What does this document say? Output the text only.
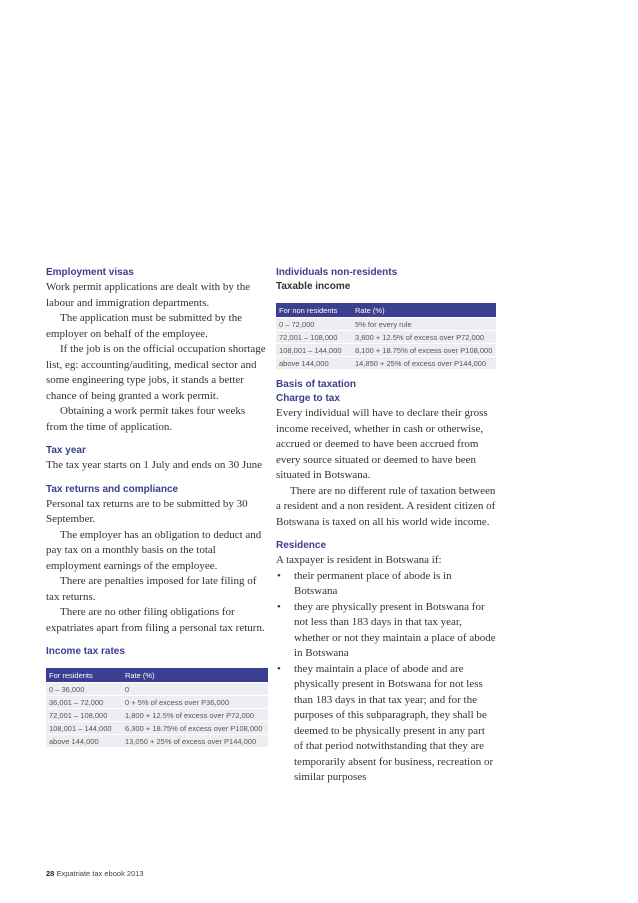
Employment visas

Work permit applications are dealt with by the labour and immigration departments.

The application must be submitted by the employer on behalf of the employee.

If the job is on the official occupation shortage list, eg: accounting/auditing, medical sector and some engineering type jobs, it stands a better chance of being granted a work permit.

Obtaining a work permit takes four weeks from the time of application.

Tax year

The tax year starts on 1 July and ends on 30 June

Tax returns and compliance

Personal tax returns are to be submitted by 30 September.

The employer has an obligation to deduct and pay tax on a monthly basis on the total employment earnings of the employee.

There are penalties imposed for late filing of tax returns.

There are no other filing obligations for expatriates apart from filing a personal tax return.

Income tax rates
For residents	Rate (%)
0 – 36,000	0
36,001 – 72,000	0 + 5% of excess over P36,000
72,001 – 108,000	1,800 + 12.5% of excess over P72,000
108,001 – 144,000	6,300 + 18.75% of excess over P108,000
above 144,000	13,050 + 25% of excess over P144,000
Individuals non-residents
Taxable income
For non residents	Rate (%)
0 – 72,000	5% for every rule
72,001 – 108,000	3,600 + 12.5% of excess over P72,000
108,001 – 144,000	8,100 + 18.75% of excess over P108,000
above 144,000	14,850 + 25% of excess over P144,000
Basis of taxation
Charge to tax

Every individual will have to declare their gross income received, whether in cash or otherwise, accrued or deemed to have been accrued from every source situated or deemed to have been situated in Botswana.

There are no different rule of taxation between a resident and a non resident. A resident citizen of Botswana is taxed on all his world wide income.

Residence

A taxpayer is resident in Botswana if:

• their permanent place of abode is in Botswana
• they are physically present in Botswana for not less than 183 days in that tax year, whether or not they maintain a place of abode in Botswana
• they maintain a place of abode and are physically present in Botswana for not less than 183 days in that tax year; and for the purposes of this subparagraph, they shall be deemed to be physically present in any part of that period notwithstanding that they are temporarily absent for business, recreation or similar purposes
28 Expatriate tax ebook 2013
